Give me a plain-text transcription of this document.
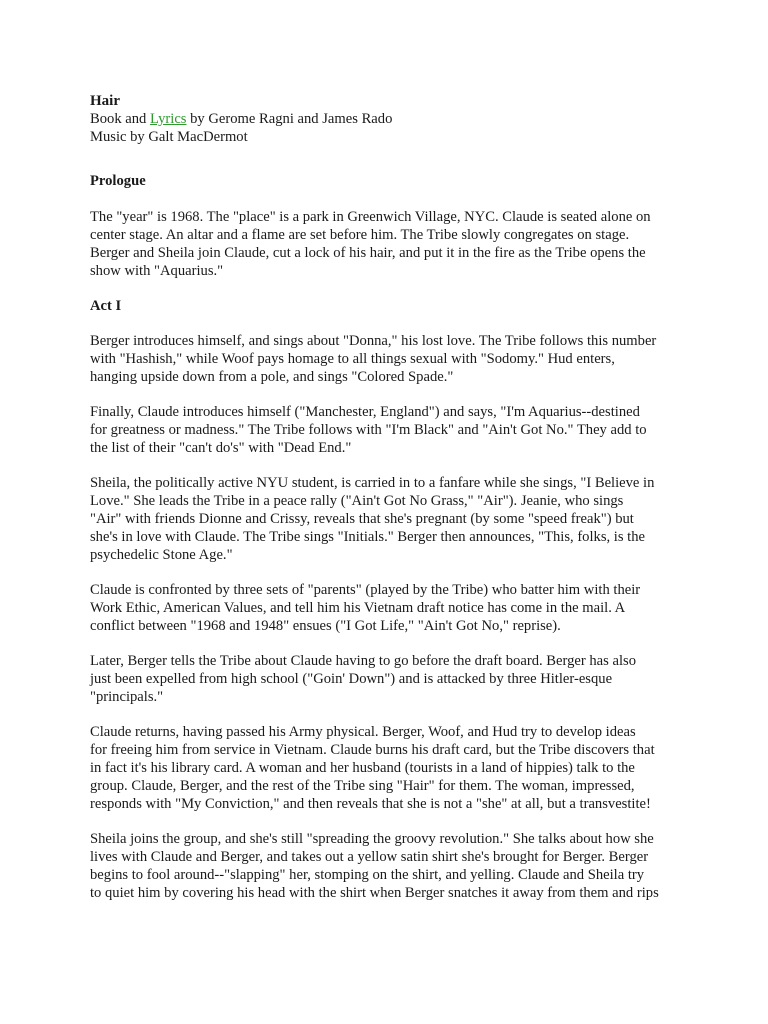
Hair

Book and Lyrics by Gerome Ragni and James Rado

Music by Galt MacDermot

Prologue

The "year" is 1968. The "place" is a park in Greenwich Village, NYC. Claude is seated alone on
center stage. An altar and a flame are set before him. The Tribe slowly congregates on stage.
Berger and Sheila join Claude, cut a lock of his hair, and put it in the fire as the Tribe opens the
show with "Aquarius."

Act I

Berger introduces himself, and sings about "Donna," his lost love. The Tribe follows this number
with "Hashish," while Woof pays homage to all things sexual with "Sodomy." Hud enters,
hanging upside down from a pole, and sings "Colored Spade."

Finally, Claude introduces himself ("Manchester, England") and says, "I'm Aquarius--destined
for greatness or madness." The Tribe follows with "I'm Black" and "Ain't Got No." They add to
the list of their "can't do's" with "Dead End."

Sheila, the politically active NYU student, is carried in to a fanfare while she sings, "I Believe in
Love." She leads the Tribe in a peace rally ("Ain't Got No Grass," "Air"). Jeanie, who sings
"Air" with friends Dionne and Crissy, reveals that she's pregnant (by some "speed freak") but
she's in love with Claude. The Tribe sings "Initials." Berger then announces, "This, folks, is the
psychedelic Stone Age."

Claude is confronted by three sets of "parents" (played by the Tribe) who batter him with their
Work Ethic, American Values, and tell him his Vietnam draft notice has come in the mail. A
conflict between "1968 and 1948" ensues ("I Got Life," "Ain't Got No," reprise).

Later, Berger tells the Tribe about Claude having to go before the draft board. Berger has also
just been expelled from high school ("Goin' Down") and is attacked by three Hitler-esque
"principals."

Claude returns, having passed his Army physical. Berger, Woof, and Hud try to develop ideas
for freeing him from service in Vietnam. Claude burns his draft card, but the Tribe discovers that
in fact it's his library card. A woman and her husband (tourists in a land of hippies) talk to the
group. Claude, Berger, and the rest of the Tribe sing "Hair" for them. The woman, impressed,
responds with "My Conviction," and then reveals that she is not a "she" at all, but a transvestite!

Sheila joins the group, and she's still "spreading the groovy revolution." She talks about how she
lives with Claude and Berger, and takes out a yellow satin shirt she's brought for Berger. Berger
begins to fool around--"slapping" her, stomping on the shirt, and yelling. Claude and Sheila try
to quiet him by covering his head with the shirt when Berger snatches it away from them and rips
